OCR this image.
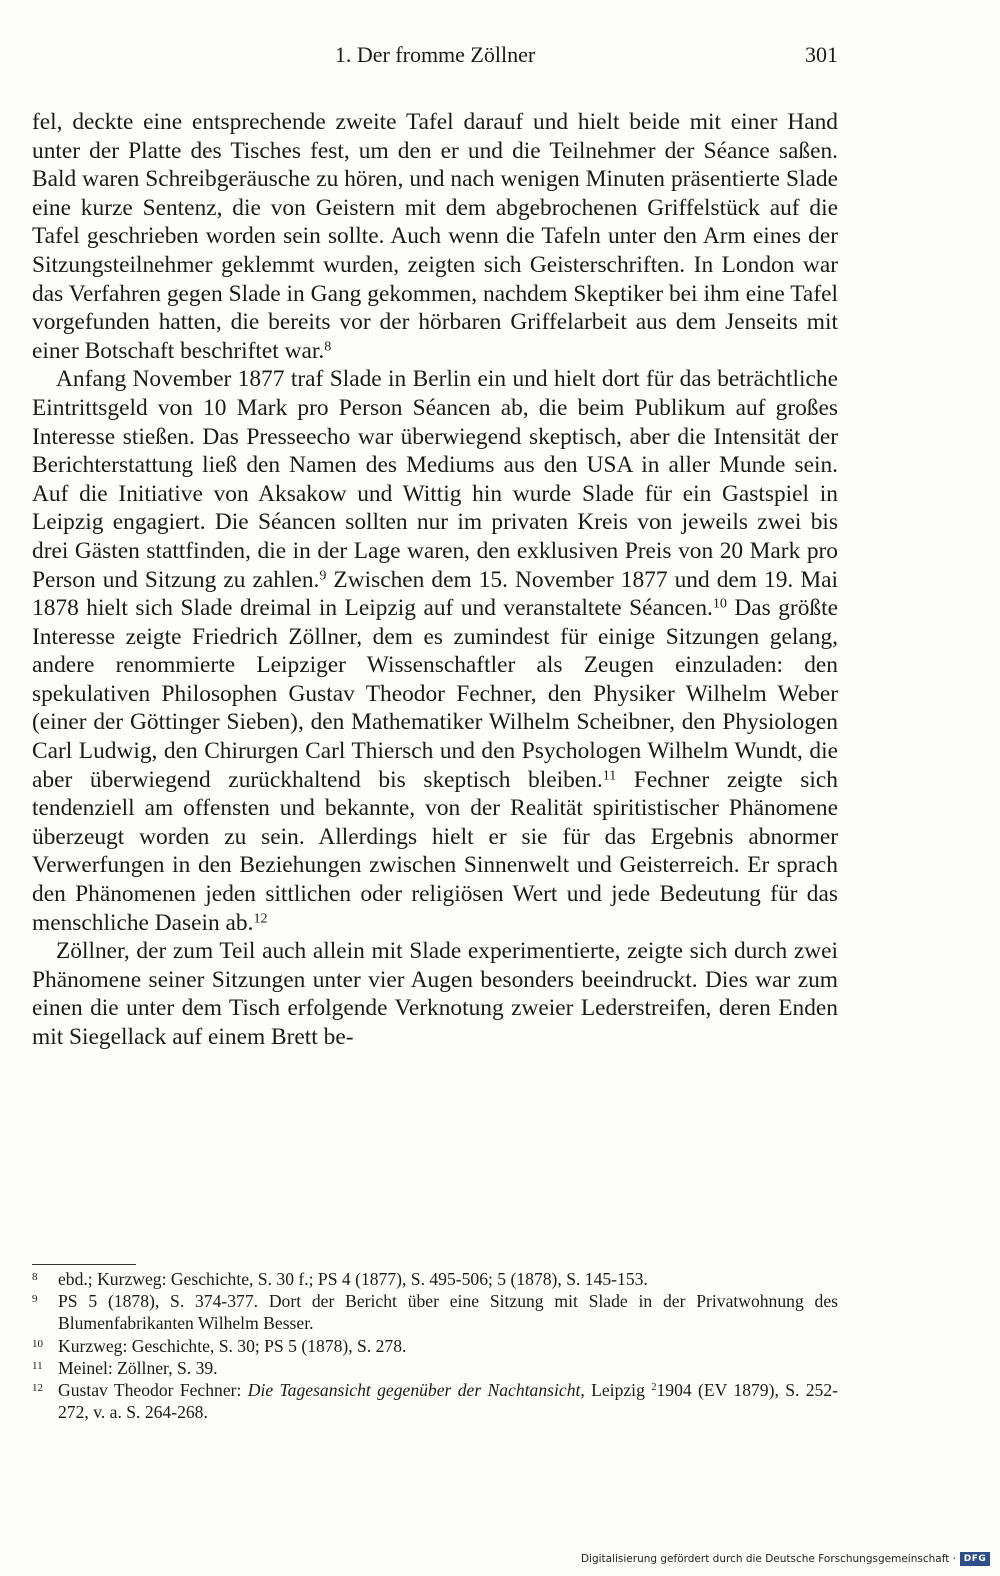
1. Der fromme Zöllner	301

fel, deckte eine entsprechende zweite Tafel darauf und hielt beide mit einer Hand unter der Platte des Tisches fest, um den er und die Teilnehmer der Séance saßen. Bald waren Schreibgeräusche zu hören, und nach wenigen Minuten präsentierte Slade eine kurze Sentenz, die von Geistern mit dem abgebrochenen Griffelstück auf die Tafel geschrieben worden sein sollte. Auch wenn die Tafeln unter den Arm eines der Sitzungsteilnehmer geklemmt wurden, zeigten sich Geisterschriften. In London war das Verfahren gegen Slade in Gang gekommen, nachdem Skeptiker bei ihm eine Tafel vorgefunden hatten, die bereits vor der hörbaren Griffelarbeit aus dem Jenseits mit einer Botschaft beschriftet war.$^8$

Anfang November 1877 traf Slade in Berlin ein und hielt dort für das beträchtliche Eintrittsgeld von 10 Mark pro Person Séancen ab, die beim Publikum auf großes Interesse stießen. Das Presseecho war überwiegend skeptisch, aber die Intensität der Berichterstattung ließ den Namen des Mediums aus den USA in aller Munde sein. Auf die Initiative von Aksakow und Wittig hin wurde Slade für ein Gastspiel in Leipzig engagiert. Die Séancen sollten nur im privaten Kreis von jeweils zwei bis drei Gästen stattfinden, die in der Lage waren, den exklusiven Preis von 20 Mark pro Person und Sitzung zu zahlen.$^9$ Zwischen dem 15. November 1877 und dem 19. Mai 1878 hielt sich Slade dreimal in Leipzig auf und veranstaltete Séancen.$^{10}$ Das größte Interesse zeigte Friedrich Zöllner, dem es zumindest für einige Sitzungen gelang, andere renommierte Leipziger Wissenschaftler als Zeugen einzuladen: den spekulativen Philosophen Gustav Theodor Fechner, den Physiker Wilhelm Weber (einer der Göttinger Sieben), den Mathematiker Wilhelm Scheibner, den Physiologen Carl Ludwig, den Chirurgen Carl Thiersch und den Psychologen Wilhelm Wundt, die aber überwiegend zurückhaltend bis skeptisch bleiben.$^{11}$ Fechner zeigte sich tendenziell am offensten und bekannte, von der Realität spiritistischer Phänomene überzeugt worden zu sein. Allerdings hielt er sie für das Ergebnis abnormer Verwerfungen in den Beziehungen zwischen Sinnenwelt und Geisterreich. Er sprach den Phänomenen jeden sittlichen oder religiösen Wert und jede Bedeutung für das menschliche Dasein ab.$^{12}$

Zöllner, der zum Teil auch allein mit Slade experimentierte, zeigte sich durch zwei Phänomene seiner Sitzungen unter vier Augen besonders beeindruckt. Dies war zum einen die unter dem Tisch erfolgende Verknotung zweier Lederstreifen, deren Enden mit Siegellack auf einem Brett be-

8	ebd.; Kurzweg: Geschichte, S. 30 f.; PS 4 (1877), S. 495-506; 5 (1878), S. 145-153.
9	PS 5 (1878), S. 374-377. Dort der Bericht über eine Sitzung mit Slade in der Privatwohnung des Blumenfabrikanten Wilhelm Besser.
10 Kurzweg: Geschichte, S. 30; PS 5 (1878), S. 278.
11 Meinel: Zöllner, S. 39.
12 Gustav Theodor Fechner: Die Tagesansicht gegenüber der Nachtansicht, Leipzig $^2$1904 (EV 1879), S. 252-272, v. a. S. 264-268.
Digitalisierung gefördert durch die Deutsche Forschungsgemeinschaft · DFG
